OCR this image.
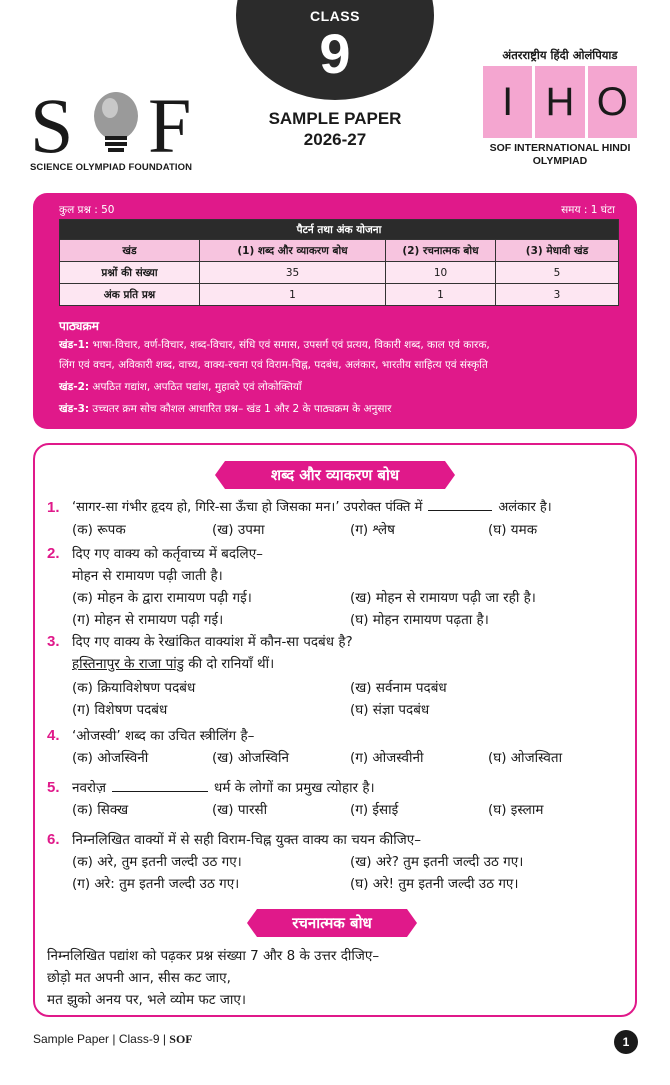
CLASS
9
SAMPLE PAPER
2026-27
S F
SCIENCE OLYMPIAD FOUNDATION
अंतरराष्ट्रीय हिंदी ओलंपियाड
I H O
SOF INTERNATIONAL HINDI
OLYMPIAD
कुल प्रश्न : 50	समय : 1 घंटा
पैटर्न तथा अंक योजना			
खंड	(1) शब्द और व्याकरण बोध	(2) रचनात्मक बोध	(3) मेधावी खंड
प्रश्नों की संख्या	35	10	5
अंक प्रति प्रश्न	1	1	3
पाठ्यक्रम
खंड-1: भाषा-विचार, वर्ण-विचार, शब्द-विचार, संधि एवं समास, उपसर्ग एवं प्रत्यय, विकारी शब्द, काल एवं कारक,
लिंग एवं वचन, अविकारी शब्द, वाच्य, वाक्य-रचना एवं विराम-चिह्न, पदबंध, अलंकार, भारतीय साहित्य एवं संस्कृति
खंड-2: अपठित गद्यांश, अपठित पद्यांश, मुहावरे एवं लोकोक्तियाँ
खंड-3: उच्चतर क्रम सोच कौशल आधारित प्रश्न– खंड 1 और 2 के पाठ्यक्रम के अनुसार
शब्द और व्याकरण बोध
1. ‘सागर-सा गंभीर हृदय हो, गिरि-सा ऊँचा हो जिसका मन।’ उपरोक्त पंक्ति में	अलंकार है।
(क) रूपक	(ख) उपमा	(ग) श्लेष	(घ) यमक
2. दिए गए वाक्य को कर्तृवाच्य में बदलिए–
मोहन से रामायण पढ़ी जाती है।
(क) मोहन के द्वारा रामायण पढ़ी गई।	(ख) मोहन से रामायण पढ़ी जा रही है।
(ग) मोहन से रामायण पढ़ी गई।	(घ) मोहन रामायण पढ़ता है।
3. दिए गए वाक्य के रेखांकित वाक्यांश में कौन-सा पदबंध है?
हस्तिनापुर के राजा पांडु की दो रानियाँ थीं।
(क) क्रियाविशेषण पदबंध	(ख) सर्वनाम पदबंध
(ग) विशेषण पदबंध	(घ) संज्ञा पदबंध
4. ‘ओजस्वी’ शब्द का उचित स्त्रीलिंग है–
(क) ओजस्विनी	(ख) ओजस्विनि	(ग) ओजस्वीनी	(घ) ओजस्विता
5. नवरोज़	धर्म के लोगों का प्रमुख त्योहार है।
(क) सिक्ख	(ख) पारसी	(ग) ईसाई	(घ) इस्लाम
6. निम्नलिखित वाक्यों में से सही विराम-चिह्न युक्त वाक्य का चयन कीजिए–
(क) अरे, तुम इतनी जल्दी उठ गए।	(ख) अरे? तुम इतनी जल्दी उठ गए।
(ग) अरे: तुम इतनी जल्दी उठ गए।	(घ) अरे! तुम इतनी जल्दी उठ गए।
रचनात्मक बोध
निम्नलिखित पद्यांश को पढ़कर प्रश्न संख्या 7 और 8 के उत्तर दीजिए–
छोड़ो मत अपनी आन, सीस कट जाए,
मत झुको अनय पर, भले व्योम फट जाए।
Sample Paper | Class-9 | SOF	1
